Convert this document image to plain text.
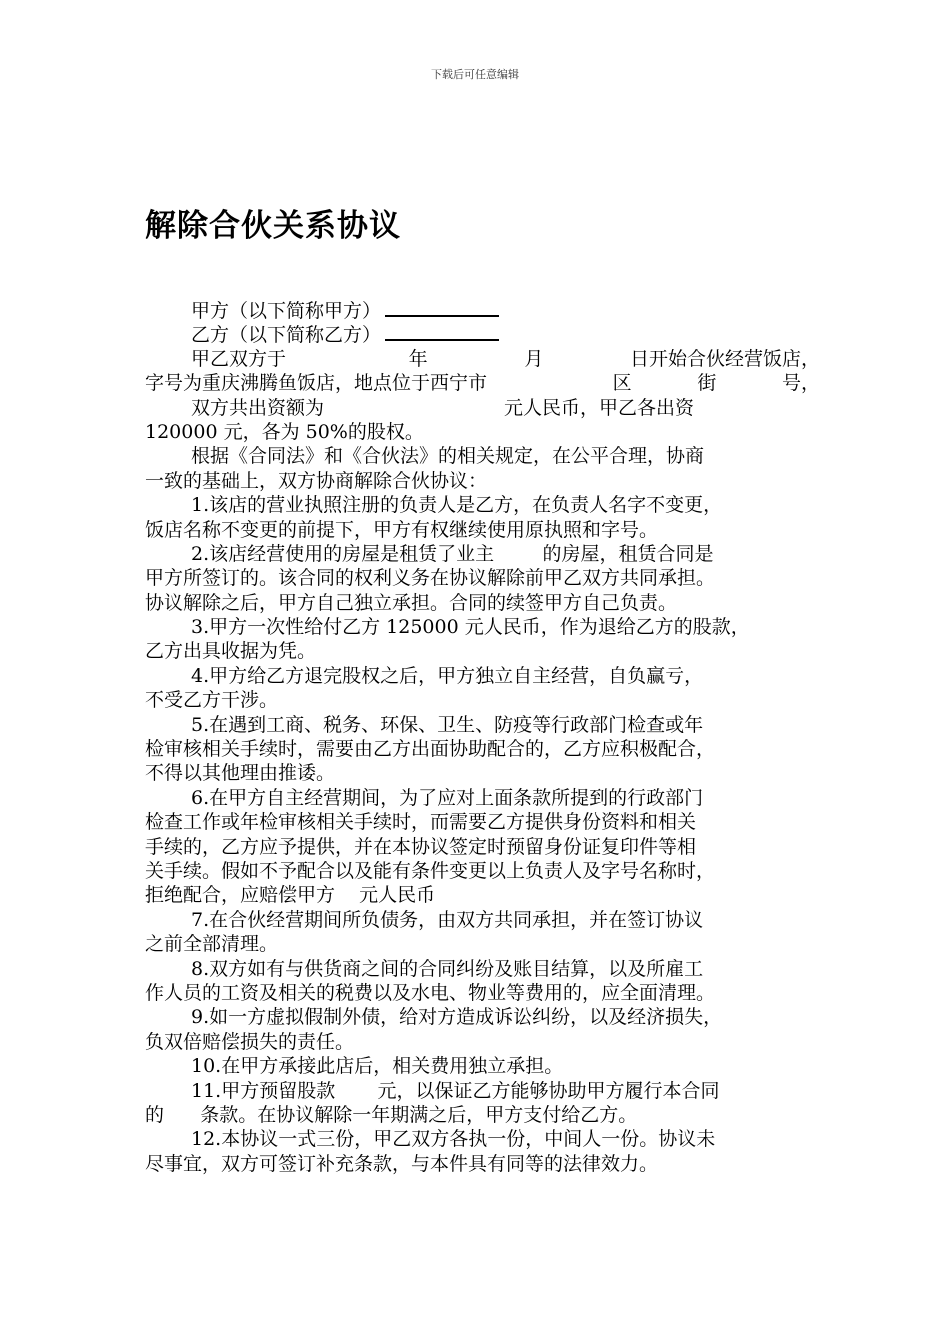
下载后可任意编辑
解除合伙关系协议
甲方（以下简称甲方）
乙方（以下简称乙方）
甲乙双方于	年	月	日开始合伙经营饭店，
字号为重庆沸腾鱼饭店，地点位于西宁市	区	街	号，
双方共出资额为	元人民币，甲乙各出资
120000 元，各为 50%的股权。
根据《合同法》和《合伙法》的相关规定，在公平合理，协商
一致的基础上，双方协商解除合伙协议：
1.该店的营业执照注册的负责人是乙方，在负责人名字不变更，
饭店名称不变更的前提下，甲方有权继续使用原执照和字号。
2.该店经营使用的房屋是租赁了业主        的房屋，租赁合同是
甲方所签订的。该合同的权利义务在协议解除前甲乙双方共同承担。
协议解除之后，甲方自己独立承担。合同的续签甲方自己负责。
3.甲方一次性给付乙方 125000 元人民币，作为退给乙方的股款，
乙方出具收据为凭。
4.甲方给乙方退完股权之后，甲方独立自主经营，自负赢亏，
不受乙方干涉。
5.在遇到工商、税务、环保、卫生、防疫等行政部门检查或年
检审核相关手续时，需要由乙方出面协助配合的，乙方应积极配合，
不得以其他理由推诿。
6.在甲方自主经营期间，为了应对上面条款所提到的行政部门
检查工作或年检审核相关手续时，而需要乙方提供身份资料和相关
手续的，乙方应予提供，并在本协议签定时预留身份证复印件等相
关手续。假如不予配合以及能有条件变更以上负责人及字号名称时，
拒绝配合，应赔偿甲方    元人民币
7.在合伙经营期间所负债务，由双方共同承担，并在签订协议
之前全部清理。
8.双方如有与供货商之间的合同纠纷及账目结算，以及所雇工
作人员的工资及相关的税费以及水电、物业等费用的，应全面清理。
9.如一方虚拟假制外债，给对方造成诉讼纠纷，以及经济损失，
负双倍赔偿损失的责任。
10.在甲方承接此店后，相关费用独立承担。
11.甲方预留股款       元，以保证乙方能够协助甲方履行本合同
的      条款。在协议解除一年期满之后，甲方支付给乙方。
12.本协议一式三份，甲乙双方各执一份，中间人一份。协议未
尽事宜，双方可签订补充条款，与本件具有同等的法律效力。
